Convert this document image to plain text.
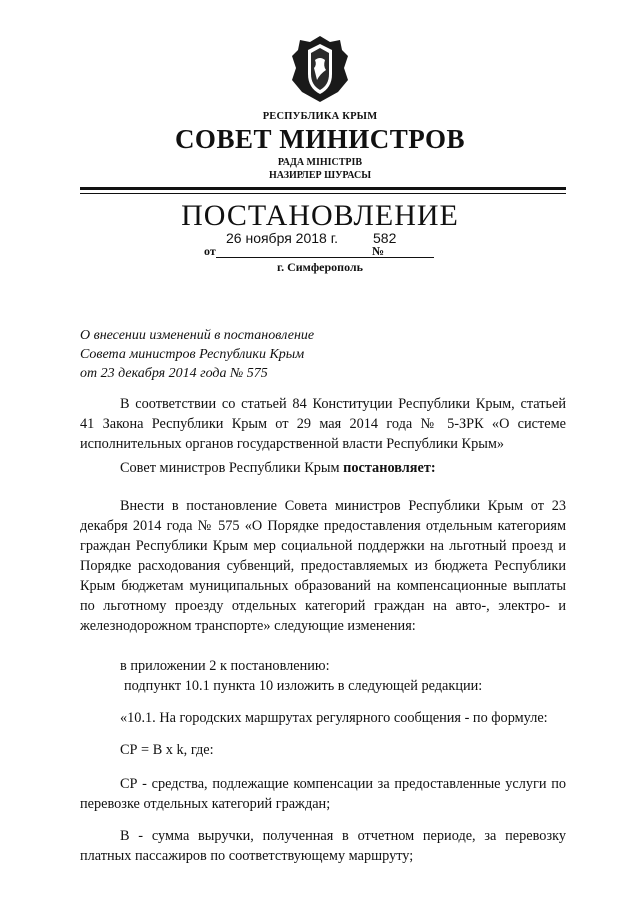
РЕСПУБЛИКА КРЫМ
СОВЕТ МИНИСТРОВ
РАДА МІНІСТРІВ
НАЗИРЛЕР ШУРАСЫ
ПОСТАНОВЛЕНИЕ
26 ноября 2018 г.	582
от	№
г. Симферополь
О внесении изменений в постановление
Совета министров Республики Крым
от 23 декабря 2014 года № 575
В соответствии со статьей 84 Конституции Республики Крым, статьей 41 Закона Республики Крым от 29 мая 2014 года № 5-ЗРК «О системе исполнительных органов государственной власти Республики Крым»
Совет министров Республики Крым постановляет:
Внести в постановление Совета министров Республики Крым от 23 декабря 2014 года № 575 «О Порядке предоставления отдельным категориям граждан Республики Крым мер социальной поддержки на льготный проезд и Порядке расходования субвенций, предоставляемых из бюджета Республики Крым бюджетам муниципальных образований на компенсационные выплаты по льготному проезду отдельных категорий граждан на авто-, электро- и железнодорожном транспорте» следующие изменения:
в приложении 2 к постановлению:
подпункт 10.1 пункта 10 изложить в следующей редакции:
«10.1. На городских маршрутах регулярного сообщения - по формуле:
СР = В x k, где:
СР - средства, подлежащие компенсации за предоставленные услуги по перевозке отдельных категорий граждан;
В - сумма выручки, полученная в отчетном периоде, за перевозку платных пассажиров по соответствующему маршруту;
